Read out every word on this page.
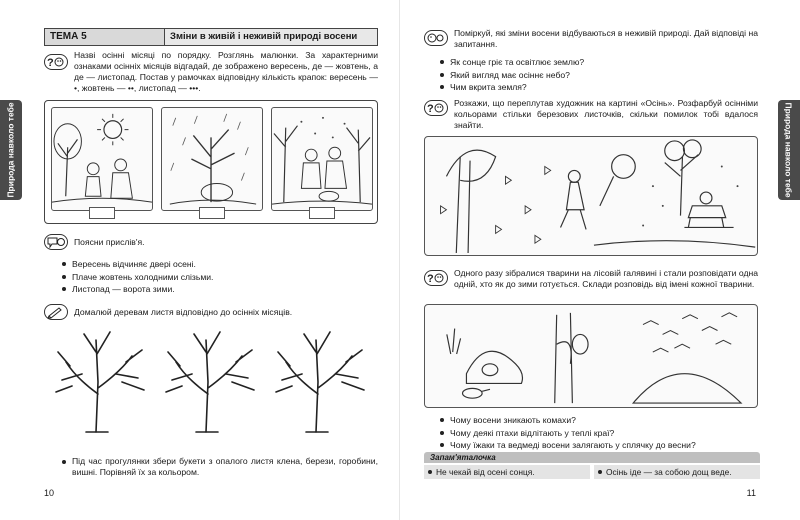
Природа навколо тебе
ТЕМА 5	Зміни в живій і неживій природі восени
?
Назві осінні місяці по порядку. Розглянь малюнки. За характерними ознаками осінніх місяців відгадай, де зображено вересень, де — жовтень, а де — листопад. Постав у рамочках відповідну кількість крапок: вересень — •, жовтень — ••, листопад — •••.
Поясни прислів'я.
Вересень відчиняє двері осені.
Плаче жовтень холодними слізьми.
Листопад — ворота зими.
Домалюй деревам листя відповідно до осінніх місяців.
Під час прогулянки збери букети з опалого листя клена, берези, горобини, вишні. Порівняй їх за кольором.
10
Природа навколо тебе
Поміркуй, які зміни восени відбуваються в неживій природі. Дай відповіді на запитання.
Як сонце гріє та освітлює землю?
Який вигляд має осіннє небо?
Чим вкрита земля?
? Розкажи, що переплутав художник на картині «Осінь». Розфарбуй осінніми кольорами стільки березових листочків, скільки помилок тобі вдалося знайти.
? Одного разу зібралися тварини на лісовій галявині і стали розповідати одна одній, хто як до зими готується. Склади розповідь від імені кожної тварини.
Чому восени зникають комахи?
Чому деякі птахи відлітають у теплі краї?
Чому їжаки та ведмеді восени залягають у сплячку до весни?
11
Запам'яталочка
Не чекай від осені сонця.	Осінь іде — за собою дощ веде.
